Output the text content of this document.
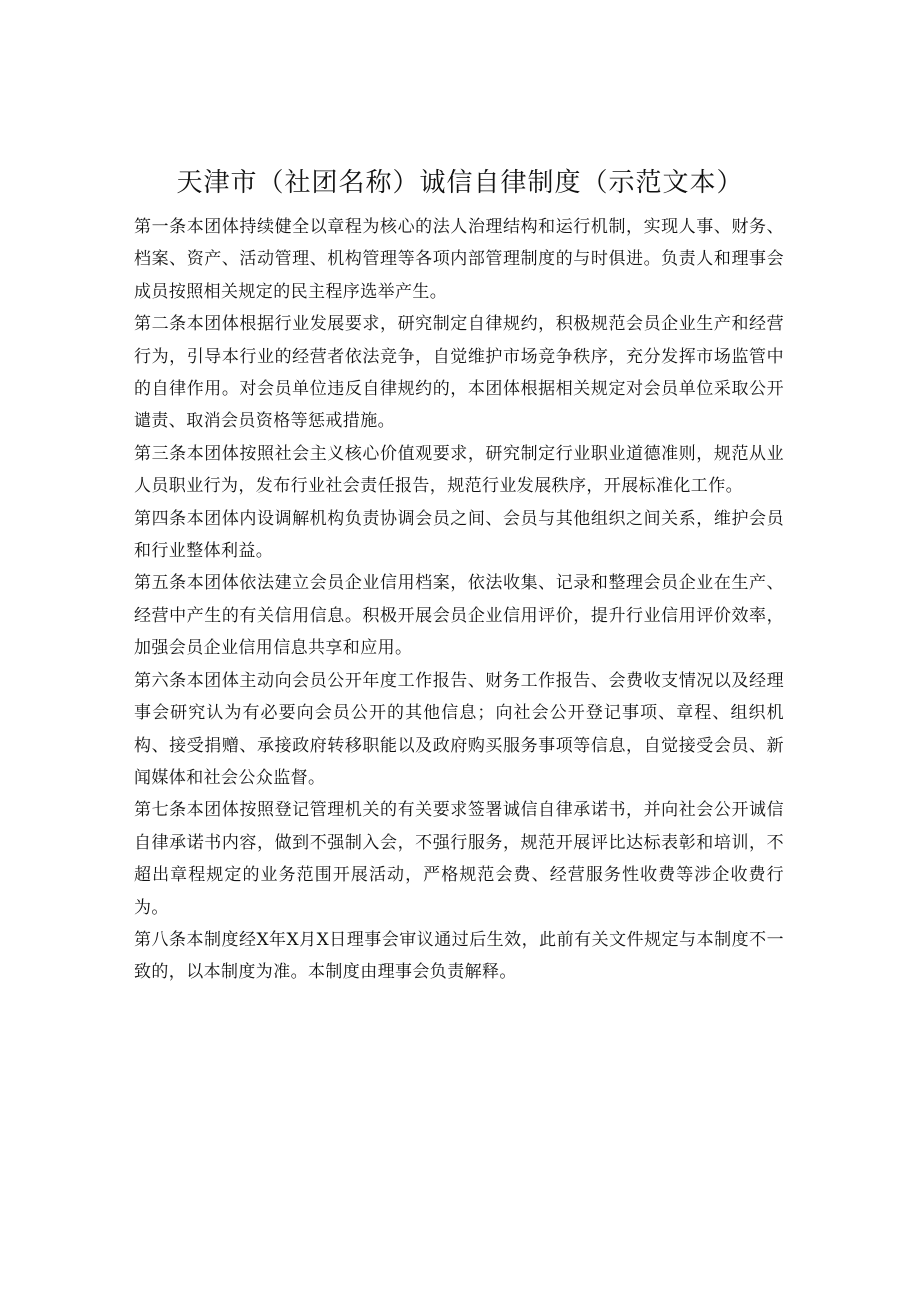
天津市（社团名称）诚信自律制度（示范文本）

第一条本团体持续健全以章程为核心的法人治理结构和运行机制，实现人事、财务、档案、资产、活动管理、机构管理等各项内部管理制度的与时俱进。负责人和理事会成员按照相关规定的民主程序选举产生。

第二条本团体根据行业发展要求，研究制定自律规约，积极规范会员企业生产和经营行为，引导本行业的经营者依法竞争，自觉维护市场竞争秩序，充分发挥市场监管中的自律作用。对会员单位违反自律规约的，本团体根据相关规定对会员单位采取公开谴责、取消会员资格等惩戒措施。

第三条本团体按照社会主义核心价值观要求，研究制定行业职业道德准则，规范从业人员职业行为，发布行业社会责任报告，规范行业发展秩序，开展标准化工作。

第四条本团体内设调解机构负责协调会员之间、会员与其他组织之间关系，维护会员和行业整体利益。

第五条本团体依法建立会员企业信用档案，依法收集、记录和整理会员企业在生产、经营中产生的有关信用信息。积极开展会员企业信用评价，提升行业信用评价效率，加强会员企业信用信息共享和应用。

第六条本团体主动向会员公开年度工作报告、财务工作报告、会费收支情况以及经理事会研究认为有必要向会员公开的其他信息；向社会公开登记事项、章程、组织机构、接受捐赠、承接政府转移职能以及政府购买服务事项等信息，自觉接受会员、新闻媒体和社会公众监督。

第七条本团体按照登记管理机关的有关要求签署诚信自律承诺书，并向社会公开诚信自律承诺书内容，做到不强制入会，不强行服务，规范开展评比达标表彰和培训，不超出章程规定的业务范围开展活动，严格规范会费、经营服务性收费等涉企收费行为。

第八条本制度经X年X月X日理事会审议通过后生效，此前有关文件规定与本制度不一致的，以本制度为准。本制度由理事会负责解释。
